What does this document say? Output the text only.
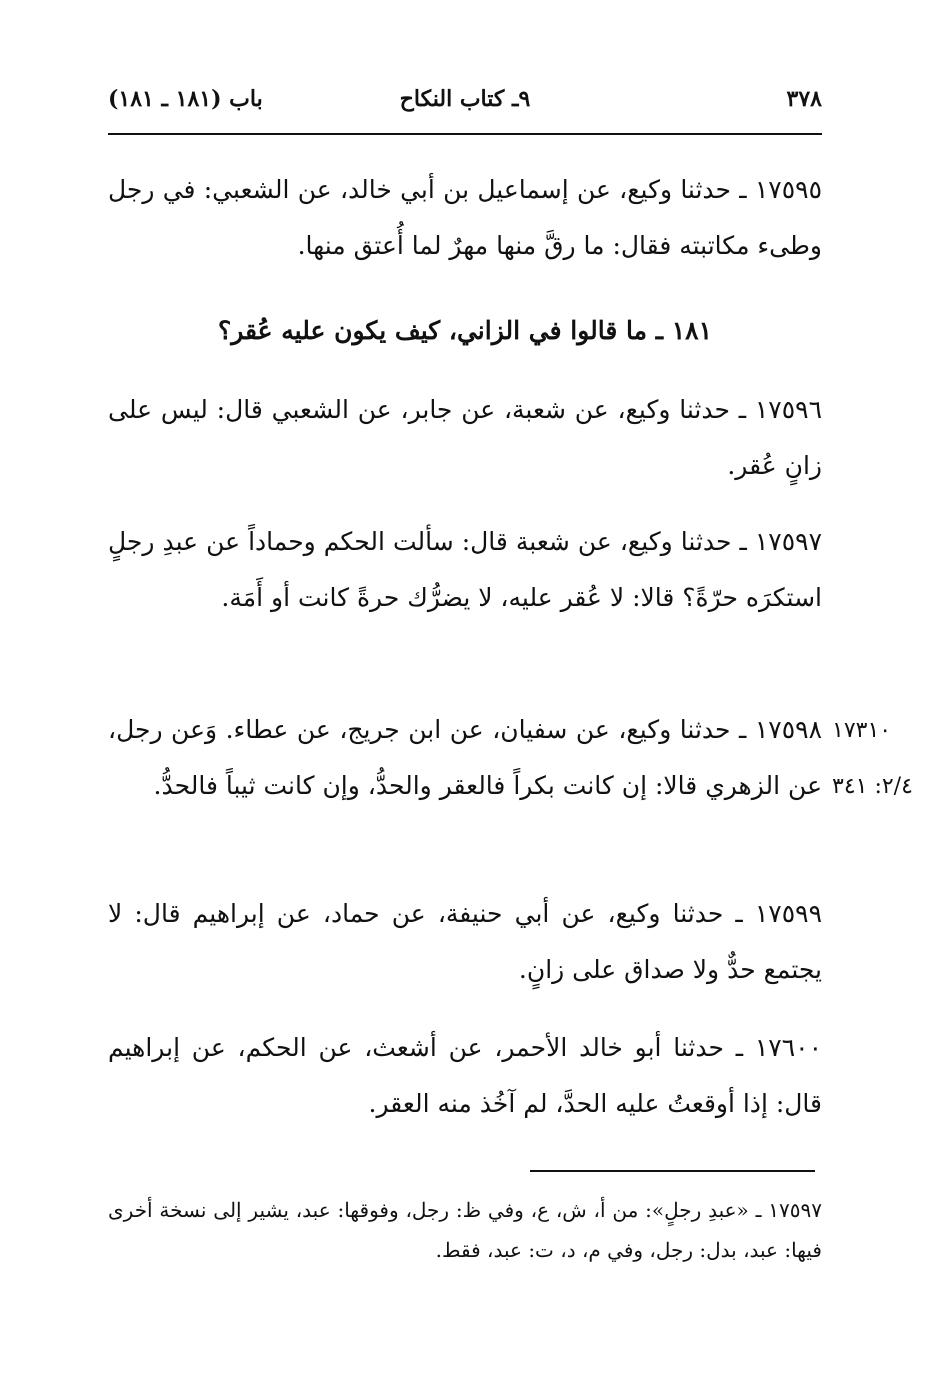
٣٧٨
٩ـ كتاب النكاح
باب (١٨١ ـ ١٨١)
١٧٥٩٥ ـ حدثنا وكيع، عن إسماعيل بن أبي خالد، عن الشعبي: في رجل وطىء مكاتبته فقال: ما رقَّ منها مهرٌ لما أُعتق منها.
١٨١ ـ ما قالوا في الزاني، كيف يكون عليه عُقر؟
١٧٥٩٦ ـ حدثنا وكيع، عن شعبة، عن جابر، عن الشعبي قال: ليس على زانٍ عُقر.
١٧٥٩٧ ـ حدثنا وكيع، عن شعبة قال: سألت الحكم وحماداً عن عبدِ رجلٍ استكرَه حرّةً؟ قالا: لا عُقر عليه، لا يضرُّك حرةً كانت أو أَمَة.
١٧٥٩٨ ـ حدثنا وكيع، عن سفيان، عن ابن جريج، عن عطاء. وَعن رجل، عن الزهري قالا: إن كانت بكراً فالعقر والحدُّ، وإن كانت ثيباً فالحدُّ.
١٧٣١٠
٢/٤: ٣٤١
١٧٥٩٩ ـ حدثنا وكيع، عن أبي حنيفة، عن حماد، عن إبراهيم قال: لا يجتمع حدٌّ ولا صداق على زانٍ.
١٧٦٠٠ ـ حدثنا أبو خالد الأحمر، عن أشعث، عن الحكم، عن إبراهيم قال: إذا أوقعتُ عليه الحدَّ، لم آخُذ منه العقر.
١٧٥٩٧ ـ «عبدِ رجلٍ»: من أ، ش، ع، وفي ظ: رجل، وفوقها: عبد، يشير إلى نسخة أخرى فيها: عبد، بدل: رجل، وفي م، د، ت: عبد، فقط.
